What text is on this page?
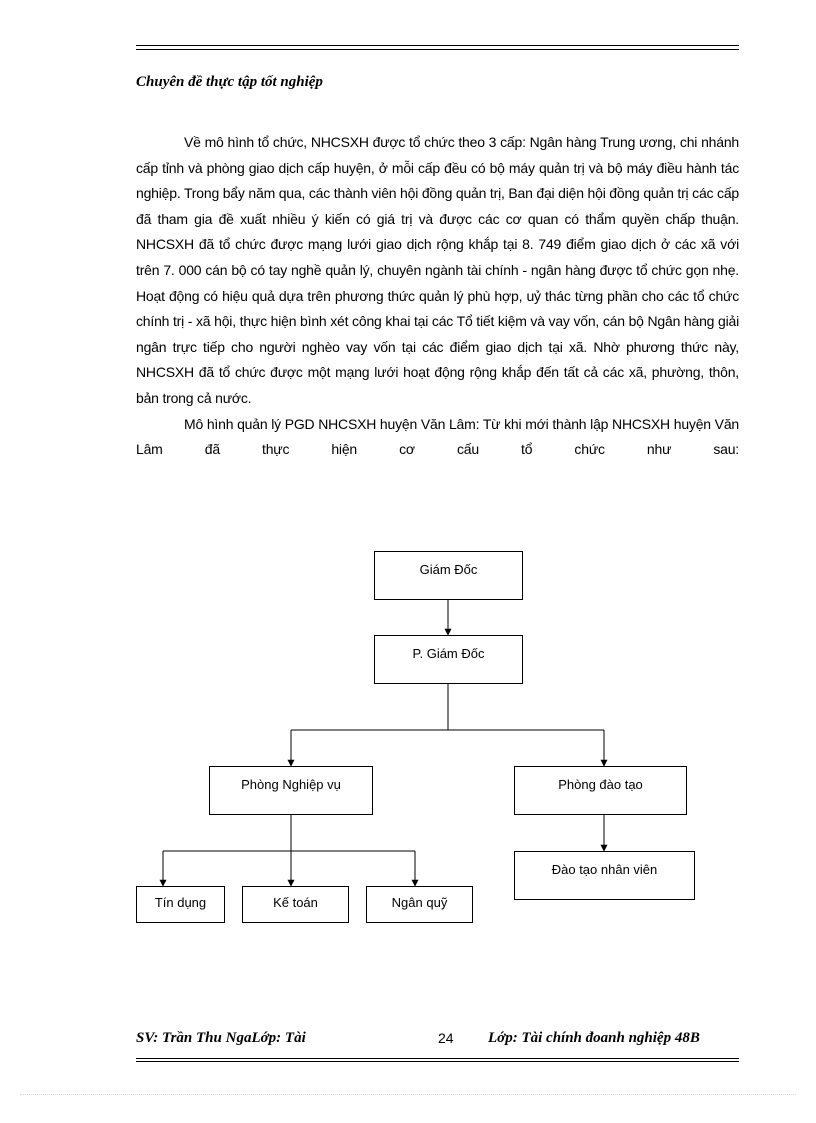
Chuyên đề thực tập tốt nghiệp

Về mô hình tổ chức, NHCSXH được tổ chức theo 3 cấp: Ngân hàng Trung ương, chi nhánh cấp tỉnh và phòng giao dịch cấp huyện, ở mỗi cấp đều có bộ máy quản trị và bộ máy điều hành tác nghiệp. Trong bẩy năm qua, các thành viên hội đồng quản trị, Ban đại diện hội đồng quản trị các cấp đã tham gia đề xuất nhiều ý kiến có giá trị và được các cơ quan có thẩm quyền chấp thuận. NHCSXH đã tổ chức được mạng lưới giao dịch rộng khắp tại 8. 749 điểm giao dịch ở các xã với trên 7. 000 cán bộ có tay nghề quản lý, chuyên ngành tài chính - ngân hàng được tổ chức gọn nhẹ. Hoạt động có hiệu quả dựa trên phương thức quản lý phù hợp, uỷ thác từng phần cho các tổ chức chính trị - xã hội, thực hiện bình xét công khai tại các Tổ tiết kiệm và vay vốn, cán bộ Ngân hàng giải ngân trực tiếp cho người nghèo vay vốn tại các điểm giao dịch tại xã. Nhờ phương thức này, NHCSXH đã tổ chức được một mạng lưới hoạt động rộng khắp đến tất cả các xã, phường, thôn, bản trong cả nước.

Mô hình quản lý PGD NHCSXH huyện Văn Lâm: Từ khi mới thành lập NHCSXH huyện Văn Lâm đã thực hiện cơ cấu tổ chức như sau:

Giám Đốc
P. Giám Đốc
Phòng Nghiệp vụ	Phòng đào tạo
Đào tạo nhân viên
Tín dụng	Kế toán	Ngân quỹ
SV: Trần Thu NgaLớp: Tài	24 Lớp: Tài chính đoanh nghiệp 48B
